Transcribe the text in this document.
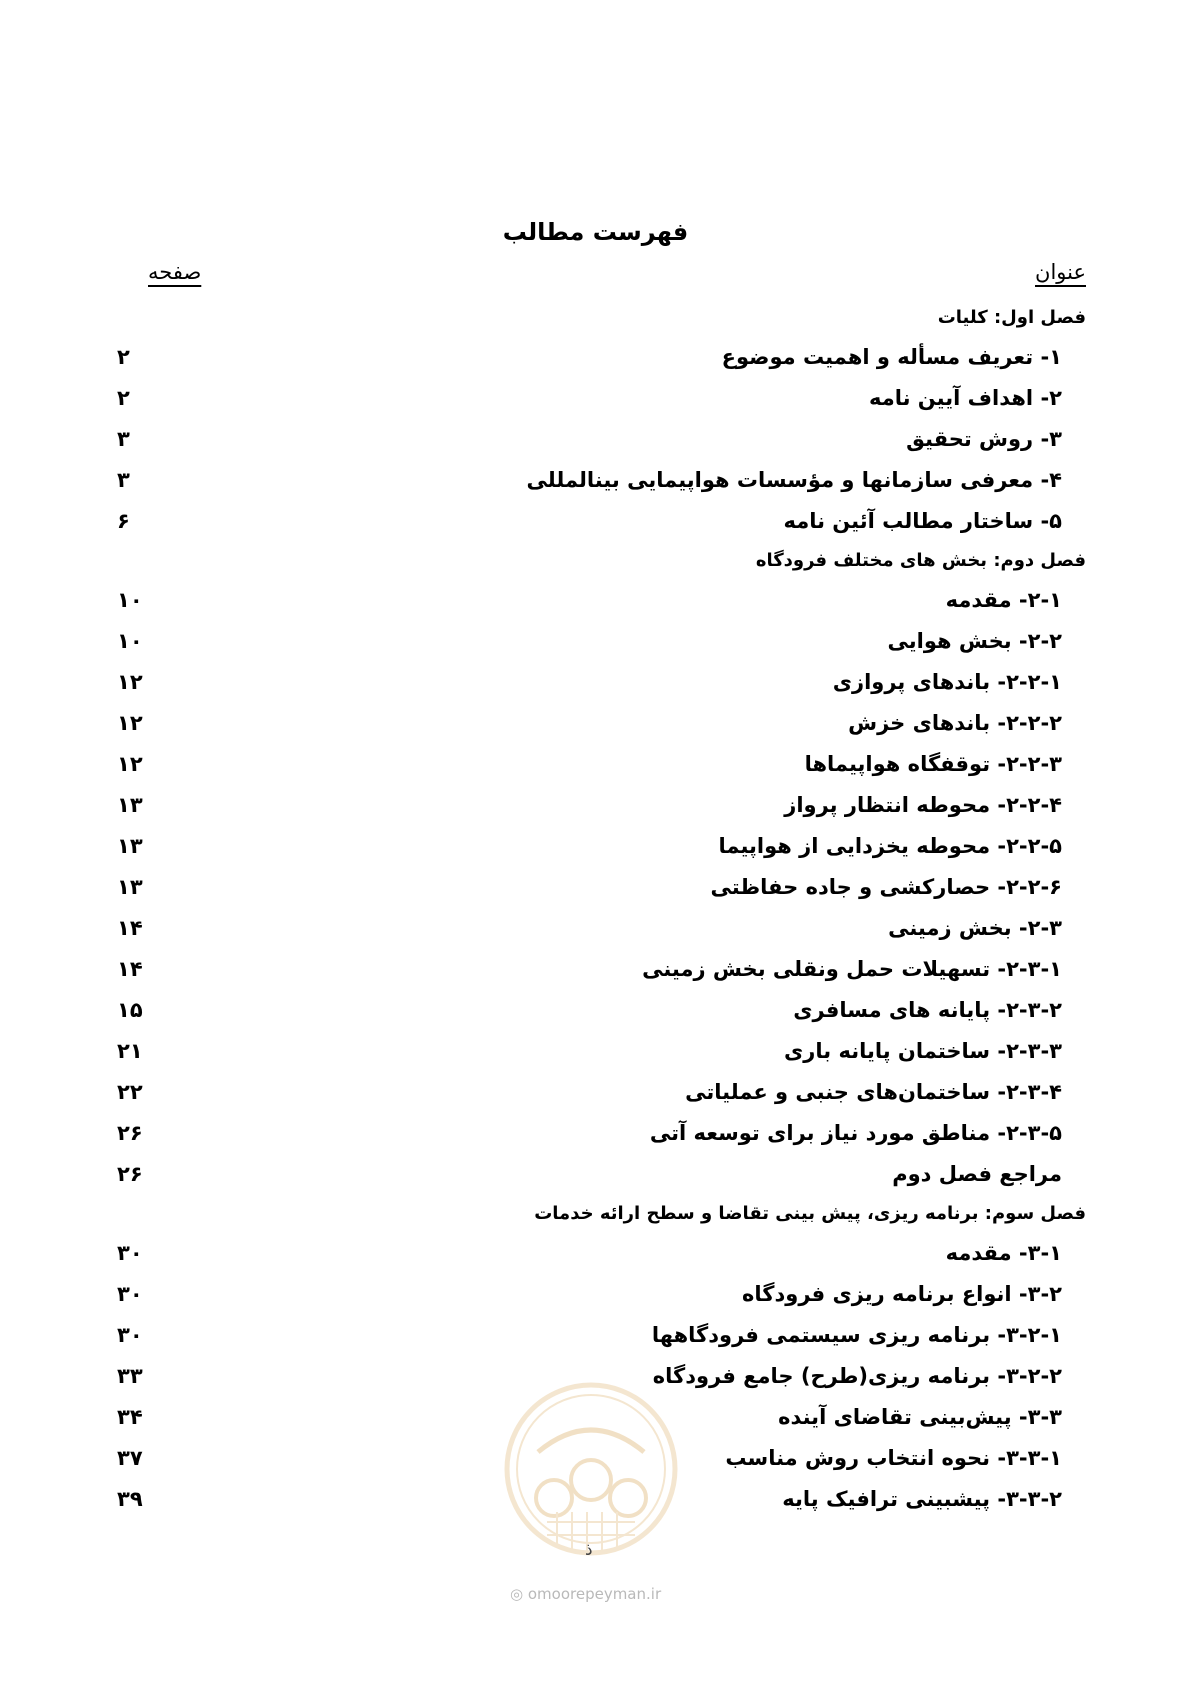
فهرست مطالب
عنوان
صفحه
فصل اول: کلیات
۱- تعریف مسأله و اهمیت موضوع
۲
۲- اهداف آیین نامه
۲
۳- روش تحقیق
۳
۴- معرفی سازمانها و مؤسسات هواپیمایی بینالمللی
۳
۵- ساختار مطالب آئین نامه
۶
فصل دوم: بخش های مختلف فرودگاه
۲-۱- مقدمه
۱۰
۲-۲- بخش هوایی
۱۰
۲-۲-۱- باندهای پروازی
۱۲
۲-۲-۲- باندهای خزش
۱۲
۲-۲-۳- توقفگاه هواپیماها
۱۲
۲-۲-۴- محوطه انتظار پرواز
۱۳
۲-۲-۵- محوطه یخزدایی از هواپیما
۱۳
۲-۲-۶- حصارکشی و جاده حفاظتی
۱۳
۲-۳- بخش زمینی
۱۴
۲-۳-۱- تسهیلات حمل ونقلی بخش زمینی
۱۴
۲-۳-۲- پایانه های مسافری
۱۵
۲-۳-۳- ساختمان پایانه باری
۲۱
۲-۳-۴- ساختمان‌های جنبی و عملیاتی
۲۲
۲-۳-۵- مناطق مورد نیاز برای توسعه آتی
۲۶
مراجع فصل دوم
۲۶
فصل سوم: برنامه ریزی، پیش بینی تقاضا و سطح ارائه خدمات
۳-۱- مقدمه
۳۰
۳-۲- انواع برنامه ریزی فرودگاه
۳۰
۳-۲-۱- برنامه ریزی سیستمی فرودگاهها
۳۰
۳-۲-۲- برنامه ریزی(طرح) جامع فرودگاه
۳۳
۳-۳- پیش‌بینی تقاضای آینده
۳۴
۳-۳-۱- نحوه انتخاب روش مناسب
۳۷
۳-۳-۲- پیشبینی ترافیک پایه
۳۹
ذ
◎ omoorepeyman.ir
